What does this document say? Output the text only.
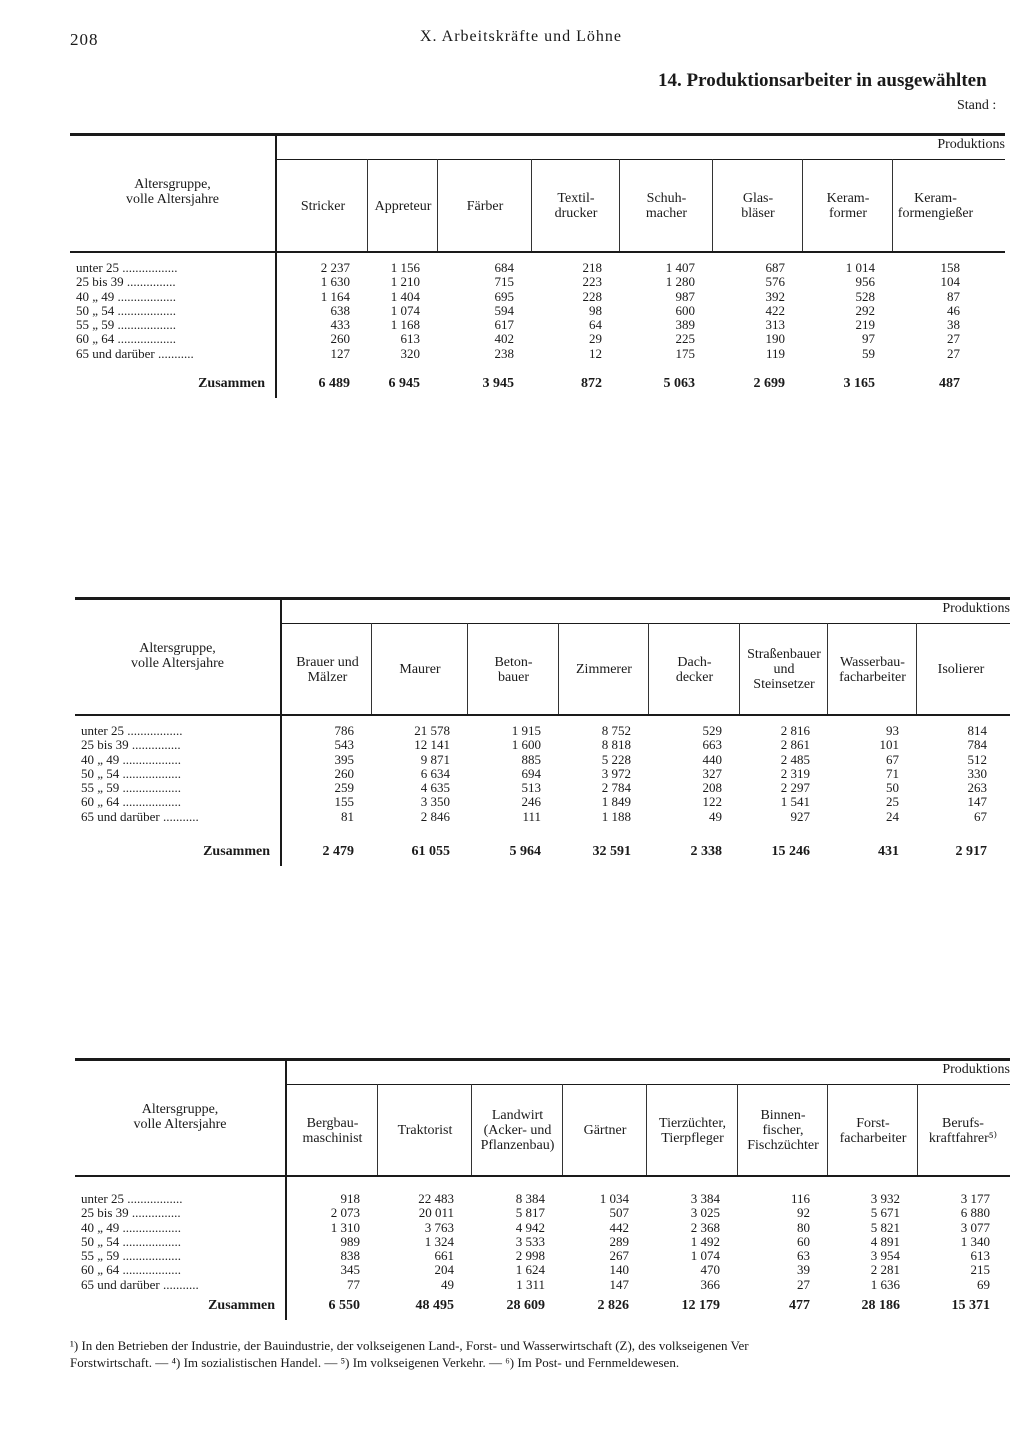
208	X. Arbeitskräfte und Löhne
14. Produktionsarbeiter in ausgewählten
Stand :
Produktions
Altersgruppe,
volle Altersjahre
unter 25 .................
25 bis 39 ...............
40 „ 49 ..................
50 „ 54 ..................
55 „ 59 ..................
60 „ 64 ..................
65 und darüber ...........
Zusammen
Stricker
2 237
1 630
1 164
638
433
260
127
6 489
Appreteur
1 156
1 210
1 404
1 074
1 168
613
320
6 945
Färber
684
715
695
594
617
402
238
3 945
Textil-
drucker
218
223
228
98
64
29
12
872
Schuh-
macher
1 407
1 280
987
600
389
225
175
5 063
Glas-
bläser
687
576
392
422
313
190
119
2 699
Keram-
former
1 014
956
528
292
219
97
59
3 165
Keram-
formengießer
158
104
87
46
38
27
27
487
Produktions
Altersgruppe,
volle Altersjahre
unter 25 .................
25 bis 39 ...............
40 „ 49 ..................
50 „ 54 ..................
55 „ 59 ..................
60 „ 64 ..................
65 und darüber ...........
Zusammen
Brauer und
Mälzer
786
543
395
260
259
155
81
2 479
Maurer
21 578
12 141
9 871
6 634
4 635
3 350
2 846
61 055
Beton-
bauer
1 915
1 600
885
694
513
246
111
5 964
Zimmerer
8 752
8 818
5 228
3 972
2 784
1 849
1 188
32 591
Dach-
decker
529
663
440
327
208
122
49
2 338
Straßenbauer
und
Steinsetzer
2 816
2 861
2 485
2 319
2 297
1 541
927
15 246
Wasserbau-
facharbeiter
93
101
67
71
50
25
24
431
Isolierer
814
784
512
330
263
147
67
2 917
Produktions
Altersgruppe,
volle Altersjahre
unter 25 .................
25 bis 39 ...............
40 „ 49 ..................
50 „ 54 ..................
55 „ 59 ..................
60 „ 64 ..................
65 und darüber ...........
Zusammen
Bergbau-
maschinist
918
2 073
1 310
989
838
345
77
6 550
Traktorist
22 483
20 011
3 763
1 324
661
204
49
48 495
Landwirt
(Acker- und
Pflanzenbau)
8 384
5 817
4 942
3 533
2 998
1 624
1 311
28 609
Gärtner
1 034
507
442
289
267
140
147
2 826
Tierzüchter,
Tierpfleger
3 384
3 025
2 368
1 492
1 074
470
366
12 179
Binnen-
fischer,
Fischzüchter
116
92
80
60
63
39
27
477
Forst-
facharbeiter
3 932
5 671
5 821
4 891
3 954
2 281
1 636
28 186
Berufs-
kraftfahrer⁵⁾
3 177
6 880
3 077
1 340
613
215
69
15 371

¹) In den Betrieben der Industrie, der Bauindustrie, der volkseigenen Land-, Forst- und Wasserwirtschaft (Z), des volkseigenen Ver

Forstwirtschaft. — ⁴) Im sozialistischen Handel. — ⁵) Im volkseigenen Verkehr. — ⁶) Im Post- und Fernmeldewesen.
